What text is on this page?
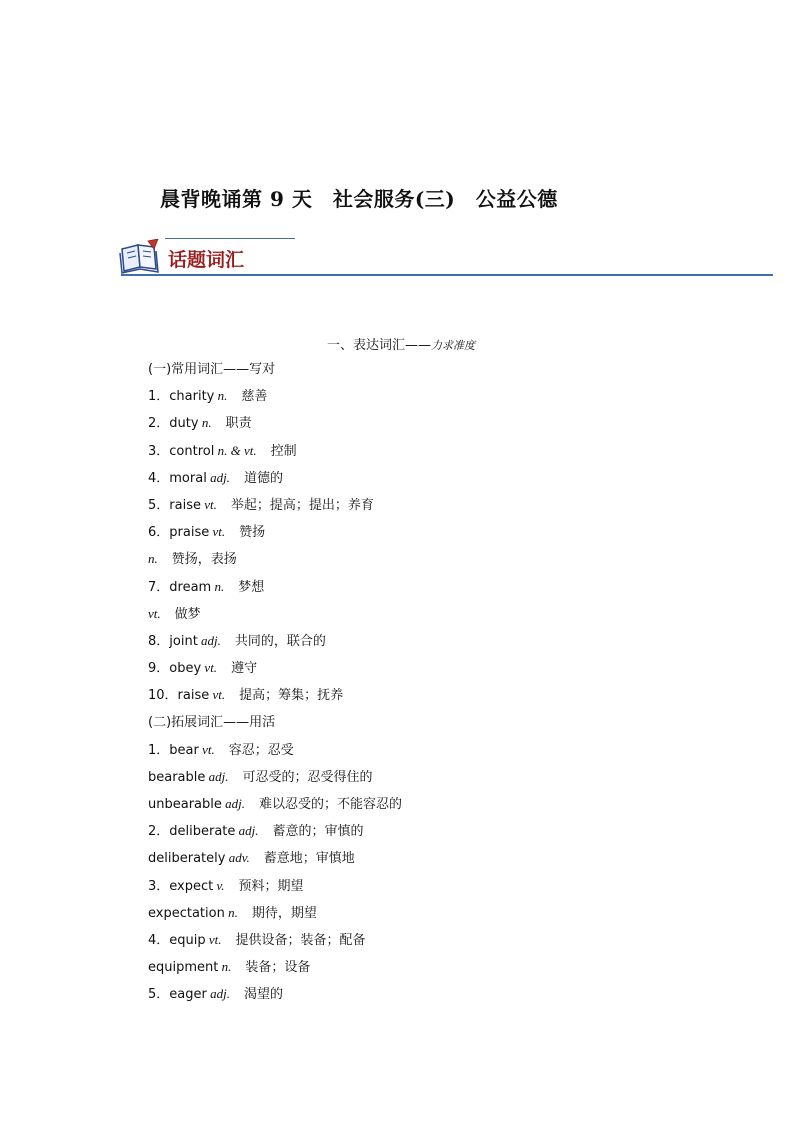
晨背晚诵第 9 天　社会服务(三)　公益公德
话题词汇
一、表达词汇——力求准度
(一)常用词汇——写对
1．charity n. 慈善
2．duty n. 职责
3．control n. & vt. 控制
4．moral adj. 道德的
5．raise vt. 举起；提高；提出；养育
6．praise vt. 赞扬
n. 赞扬，表扬
7．dream n. 梦想
vt. 做梦
8．joint adj. 共同的，联合的
9．obey vt. 遵守
10．raise vt. 提高；筹集；抚养
(二)拓展词汇——用活
1．bear vt. 容忍；忍受
bearable adj. 可忍受的；忍受得住的
unbearable adj. 难以忍受的；不能容忍的
2．deliberate adj. 蓄意的；审慎的
deliberately adv. 蓄意地；审慎地
3．expect v. 预料；期望
expectation n. 期待，期望
4．equip vt. 提供设备；装备；配备
equipment n. 装备；设备
5．eager adj. 渴望的
